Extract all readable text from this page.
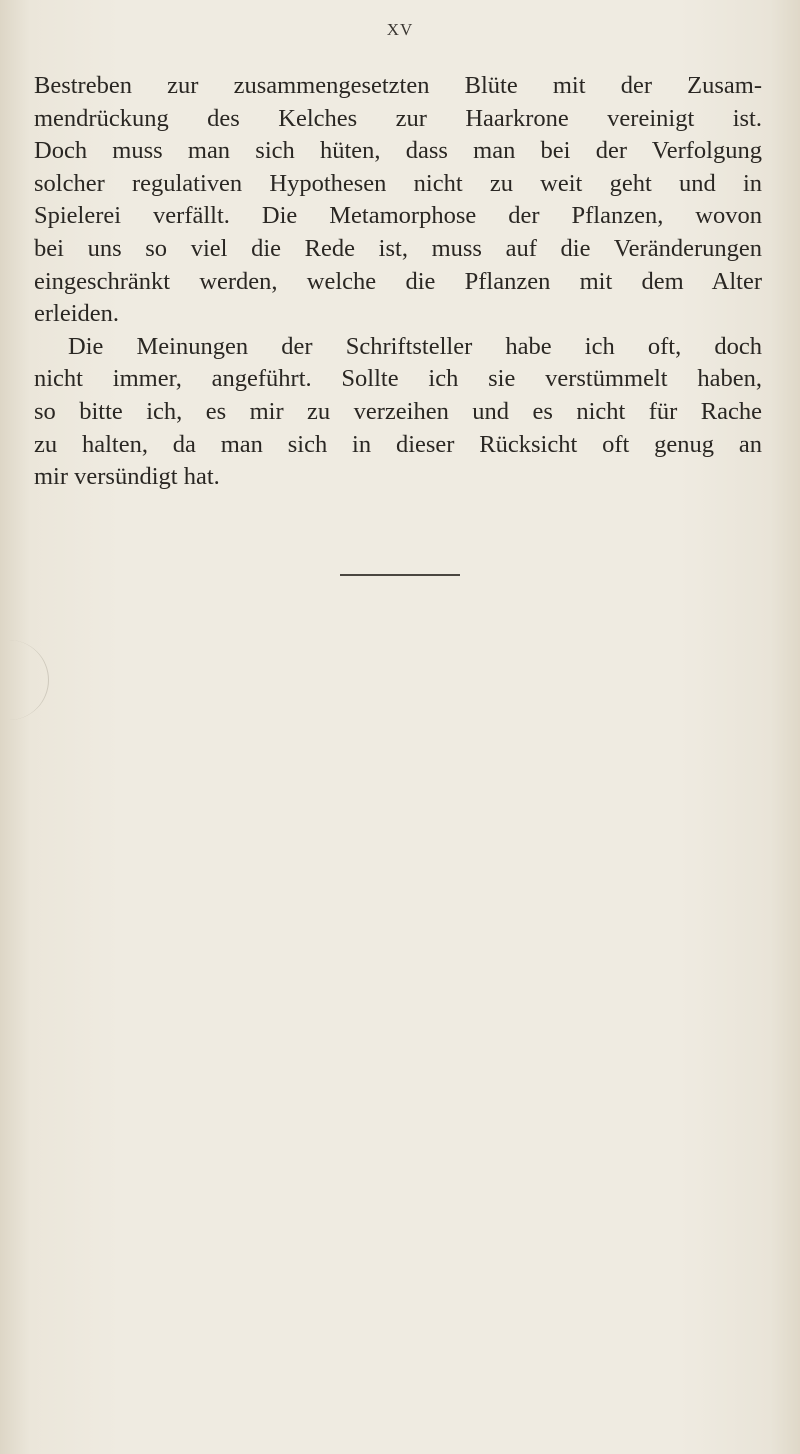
XV
Bestreben zur zusammengesetzten Blüte mit der Zusam-
mendrückung des Kelches zur Haarkrone vereinigt ist.
Doch muss man sich hüten, dass man bei der Verfolgung
solcher regulativen Hypothesen nicht zu weit geht und in
Spielerei verfällt. Die Metamorphose der Pflanzen, wovon
bei uns so viel die Rede ist, muss auf die Veränderungen
eingeschränkt werden, welche die Pflanzen mit dem Alter
erleiden.
Die Meinungen der Schriftsteller habe ich oft, doch
nicht immer, angeführt. Sollte ich sie verstümmelt haben,
so bitte ich, es mir zu verzeihen und es nicht für Rache
zu halten, da man sich in dieser Rücksicht oft genug an
mir versündigt hat.
